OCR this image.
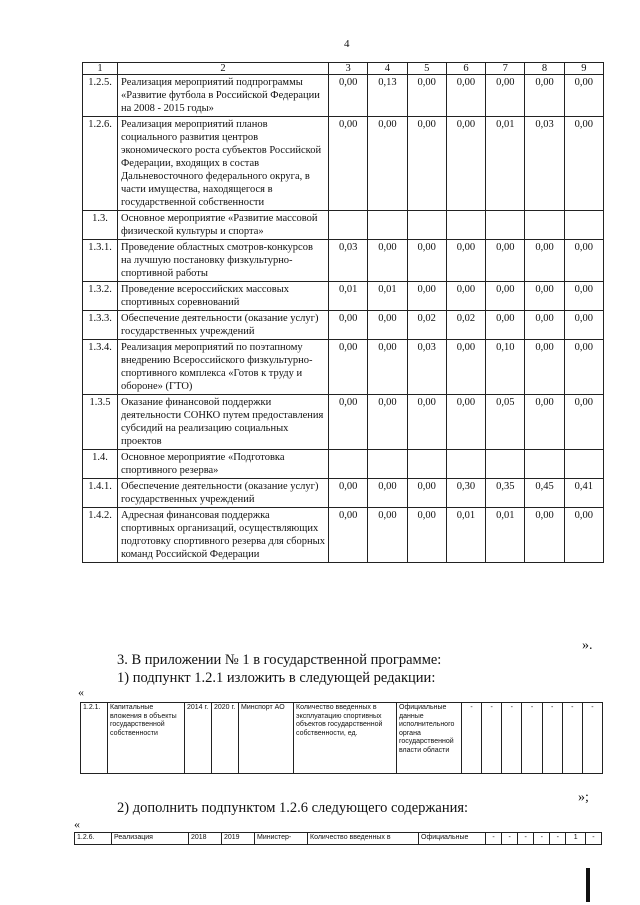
4
1	2	3	4	5	6	7	8	9
1.2.5.	Реализация мероприятий подпрограммы «Развитие футбола в Российской Федерации на 2008 - 2015 годы»	0,00	0,13	0,00	0,00	0,00	0,00	0,00
1.2.6.	Реализация мероприятий планов социального развития центров экономического роста субъектов Российской Федерации, входящих в состав Дальневосточного федерального округа, в части имущества, находящегося в государственной собственности	0,00	0,00	0,00	0,00	0,01	0,03	0,00
1.3.	Основное мероприятие «Развитие массовой физической культуры и спорта»							
1.3.1.	Проведение областных смотров-конкурсов на лучшую постановку физкультурно-спортивной работы	0,03	0,00	0,00	0,00	0,00	0,00	0,00
1.3.2.	Проведение всероссийских массовых спортивных соревнований	0,01	0,01	0,00	0,00	0,00	0,00	0,00
1.3.3.	Обеспечение деятельности (оказание услуг) государственных учреждений	0,00	0,00	0,02	0,02	0,00	0,00	0,00
1.3.4.	Реализация мероприятий по поэтапному внедрению Всероссийского физкультурно-спортивного комплекса «Готов к труду и обороне» (ГТО)	0,00	0,00	0,03	0,00	0,10	0,00	0,00
1.3.5	Оказание финансовой поддержки деятельности СОНКО путем предоставления субсидий на реализацию социальных проектов	0,00	0,00	0,00	0,00	0,05	0,00	0,00
1.4.	Основное мероприятие «Подготовка спортивного резерва»							
1.4.1.	Обеспечение деятельности (оказание услуг) государственных учреждений	0,00	0,00	0,00	0,30	0,35	0,45	0,41
1.4.2.	Адресная финансовая поддержка спортивных организаций, осуществляющих подготовку спортивного резерва для сборных команд Российской Федерации	0,00	0,00	0,00	0,01	0,01	0,00	0,00
».
3. В приложении № 1 в государственной программе:
1) подпункт 1.2.1 изложить в следующей редакции:
«
1.2.1.	Капитальные вложения в объекты государственной собственности	2014 г.	2020 г.	Минспорт АО	Количество введенных в эксплуатацию спортивных объектов государственной собственности, ед.	Официальные данные исполнительного органа государственной власти области	-	-	-	-	-	-	-
»;
2) дополнить подпунктом 1.2.6 следующего содержания:
«
1.2.6.	Реализация	2018	2019	Министер-	Количество введенных в	Официальные	-	-	-	-	-	1	-
